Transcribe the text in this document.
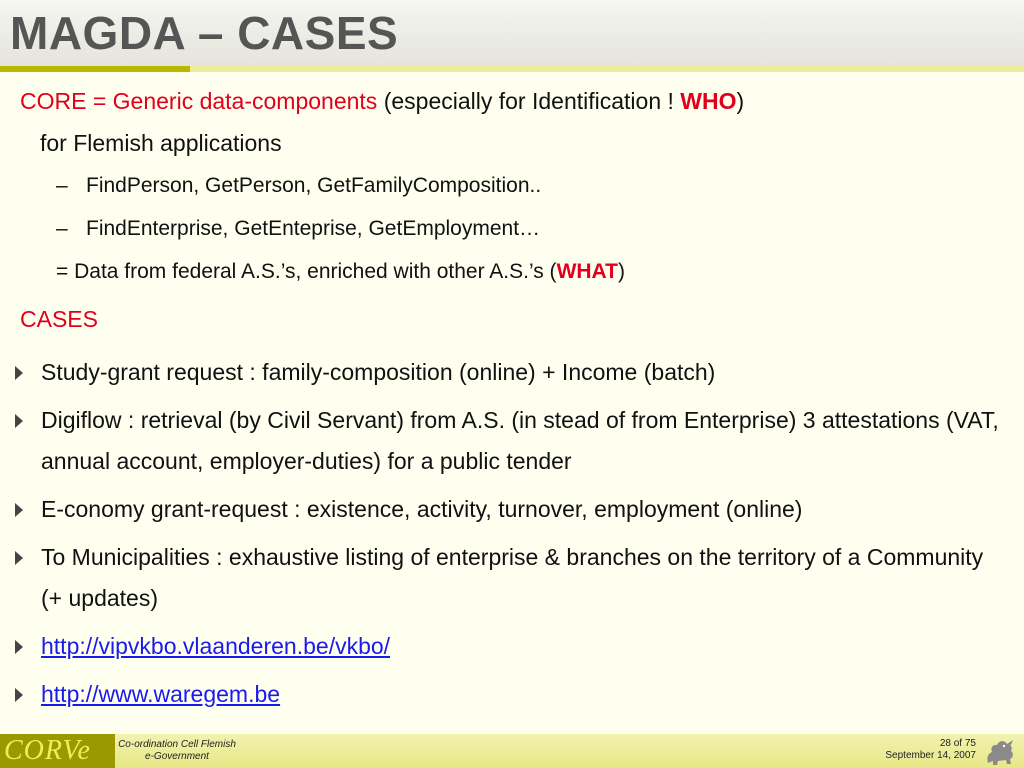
MAGDA – CASES
CORE = Generic data-components (especially for Identification ! WHO)
for Flemish applications
– FindPerson, GetPerson, GetFamilyComposition..
– FindEnterprise, GetEnteprise, GetEmployment…
= Data from federal A.S.’s, enriched with other A.S.’s (WHAT)
CASES
Study-grant request : family-composition (online) + Income (batch)
Digiflow : retrieval (by Civil Servant) from A.S. (in stead of from Enterprise) 3 attestations (VAT, annual account, employer-duties) for a public tender
E-conomy grant-request : existence, activity, turnover, employment (online)
To Municipalities : exhaustive listing of enterprise & branches on the territory of a Community (+ updates)
http://vipvkbo.vlaanderen.be/vkbo/
http://www.waregem.be
CORVe	Co-ordination Cell Flemish
e-Government
28 of 75
September 14, 2007
